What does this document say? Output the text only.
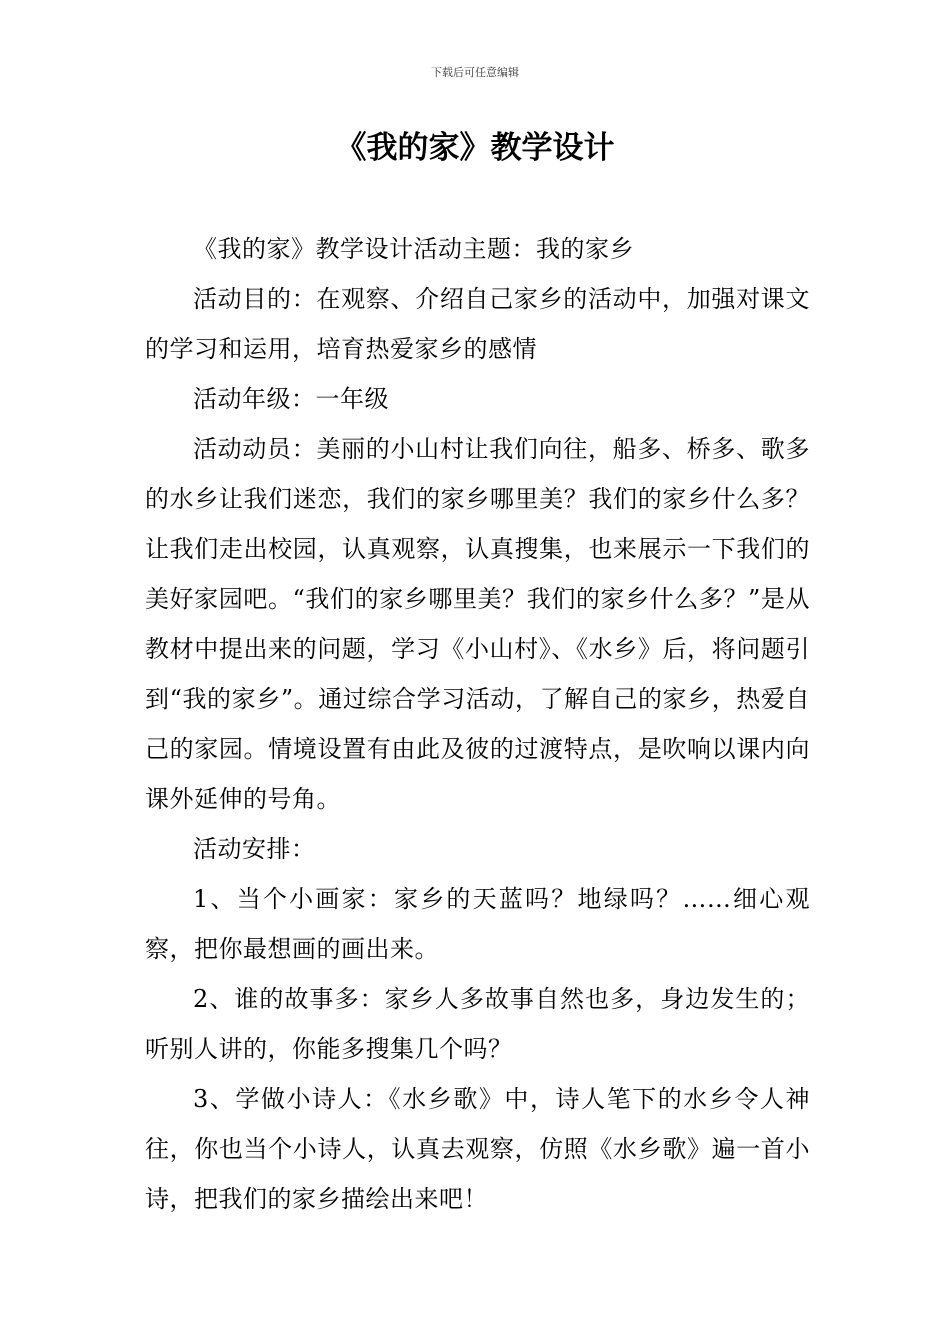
下载后可任意编辑
《我的家》教学设计

《我的家》教学设计活动主题：我的家乡

活动目的：在观察、介绍自己家乡的活动中，加强对课文的学习和运用，培育热爱家乡的感情

活动年级：一年级

活动动员：美丽的小山村让我们向往，船多、桥多、歌多的水乡让我们迷恋，我们的家乡哪里美？我们的家乡什么多？让我们走出校园，认真观察，认真搜集，也来展示一下我们的美好家园吧。“我们的家乡哪里美？我们的家乡什么多？”是从教材中提出来的问题，学习《小山村》、《水乡》后，将问题引到“我的家乡”。通过综合学习活动，了解自己的家乡，热爱自己的家园。情境设置有由此及彼的过渡特点，是吹响以课内向课外延伸的号角。

活动安排：

1、当个小画家：家乡的天蓝吗？地绿吗？……细心观察，把你最想画的画出来。

2、谁的故事多：家乡人多故事自然也多，身边发生的；听别人讲的，你能多搜集几个吗？

3、学做小诗人：《水乡歌》中，诗人笔下的水乡令人神往，你也当个小诗人，认真去观察，仿照《水乡歌》遍一首小诗，把我们的家乡描绘出来吧！
